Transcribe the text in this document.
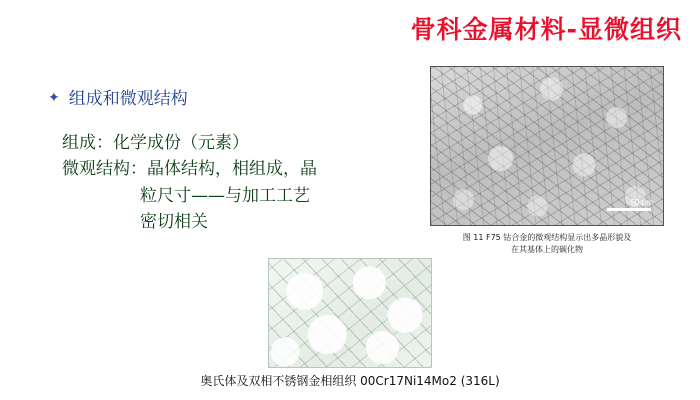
骨科金属材料-显微组织
✦ 组成和微观结构
组成：化学成份（元素）
微观结构：晶体结构，相组成，晶
粒尺寸——与加工工艺
密切相关
50 μm
图 11 F75 钴合金的微观结构显示出多晶形貌及
在其基体上的碳化物
奥氏体及双相不锈钢金相组织 00Cr17Ni14Mo2 (316L)
